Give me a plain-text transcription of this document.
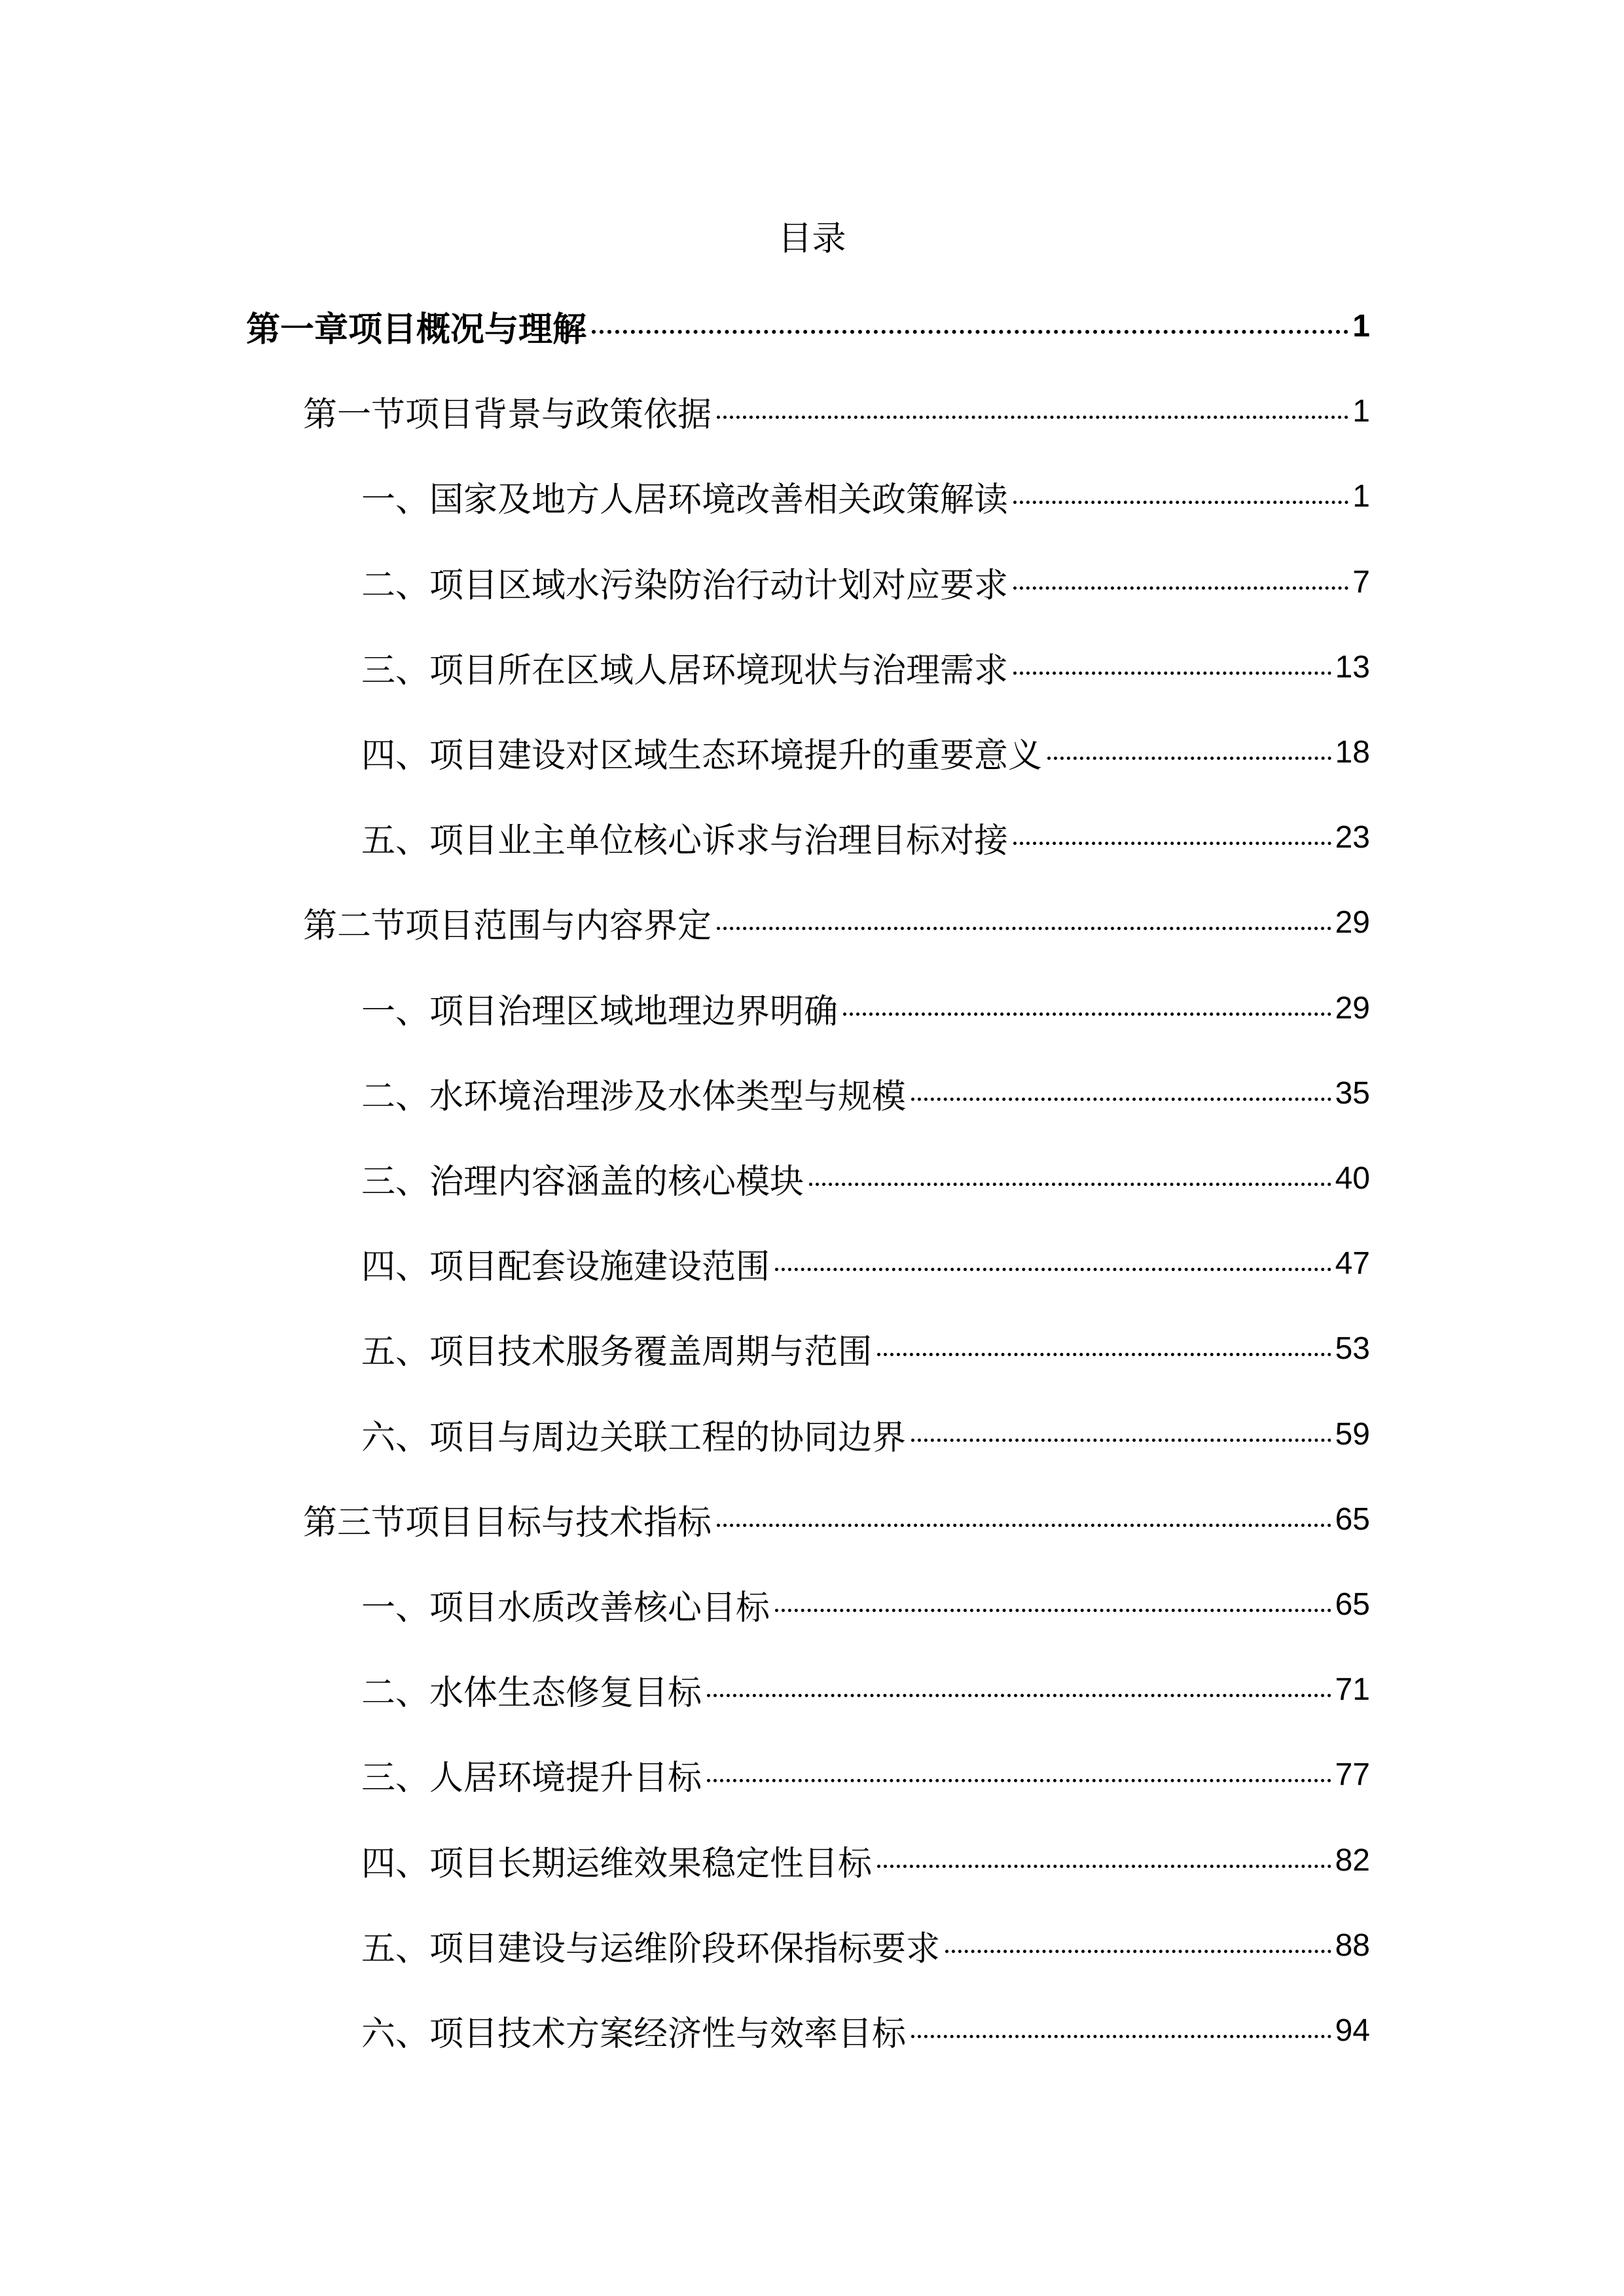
目录
第一章项目概况与理解	1
第一节项目背景与政策依据	1
一、国家及地方人居环境改善相关政策解读	1
二、项目区域水污染防治行动计划对应要求	7
三、项目所在区域人居环境现状与治理需求	13
四、项目建设对区域生态环境提升的重要意义	18
五、项目业主单位核心诉求与治理目标对接	23
第二节项目范围与内容界定	29
一、项目治理区域地理边界明确	29
二、水环境治理涉及水体类型与规模	35
三、治理内容涵盖的核心模块	40
四、项目配套设施建设范围	47
五、项目技术服务覆盖周期与范围	53
六、项目与周边关联工程的协同边界	59
第三节项目目标与技术指标	65
一、项目水质改善核心目标	65
二、水体生态修复目标	71
三、人居环境提升目标	77
四、项目长期运维效果稳定性目标	82
五、项目建设与运维阶段环保指标要求	88
六、项目技术方案经济性与效率目标	94
